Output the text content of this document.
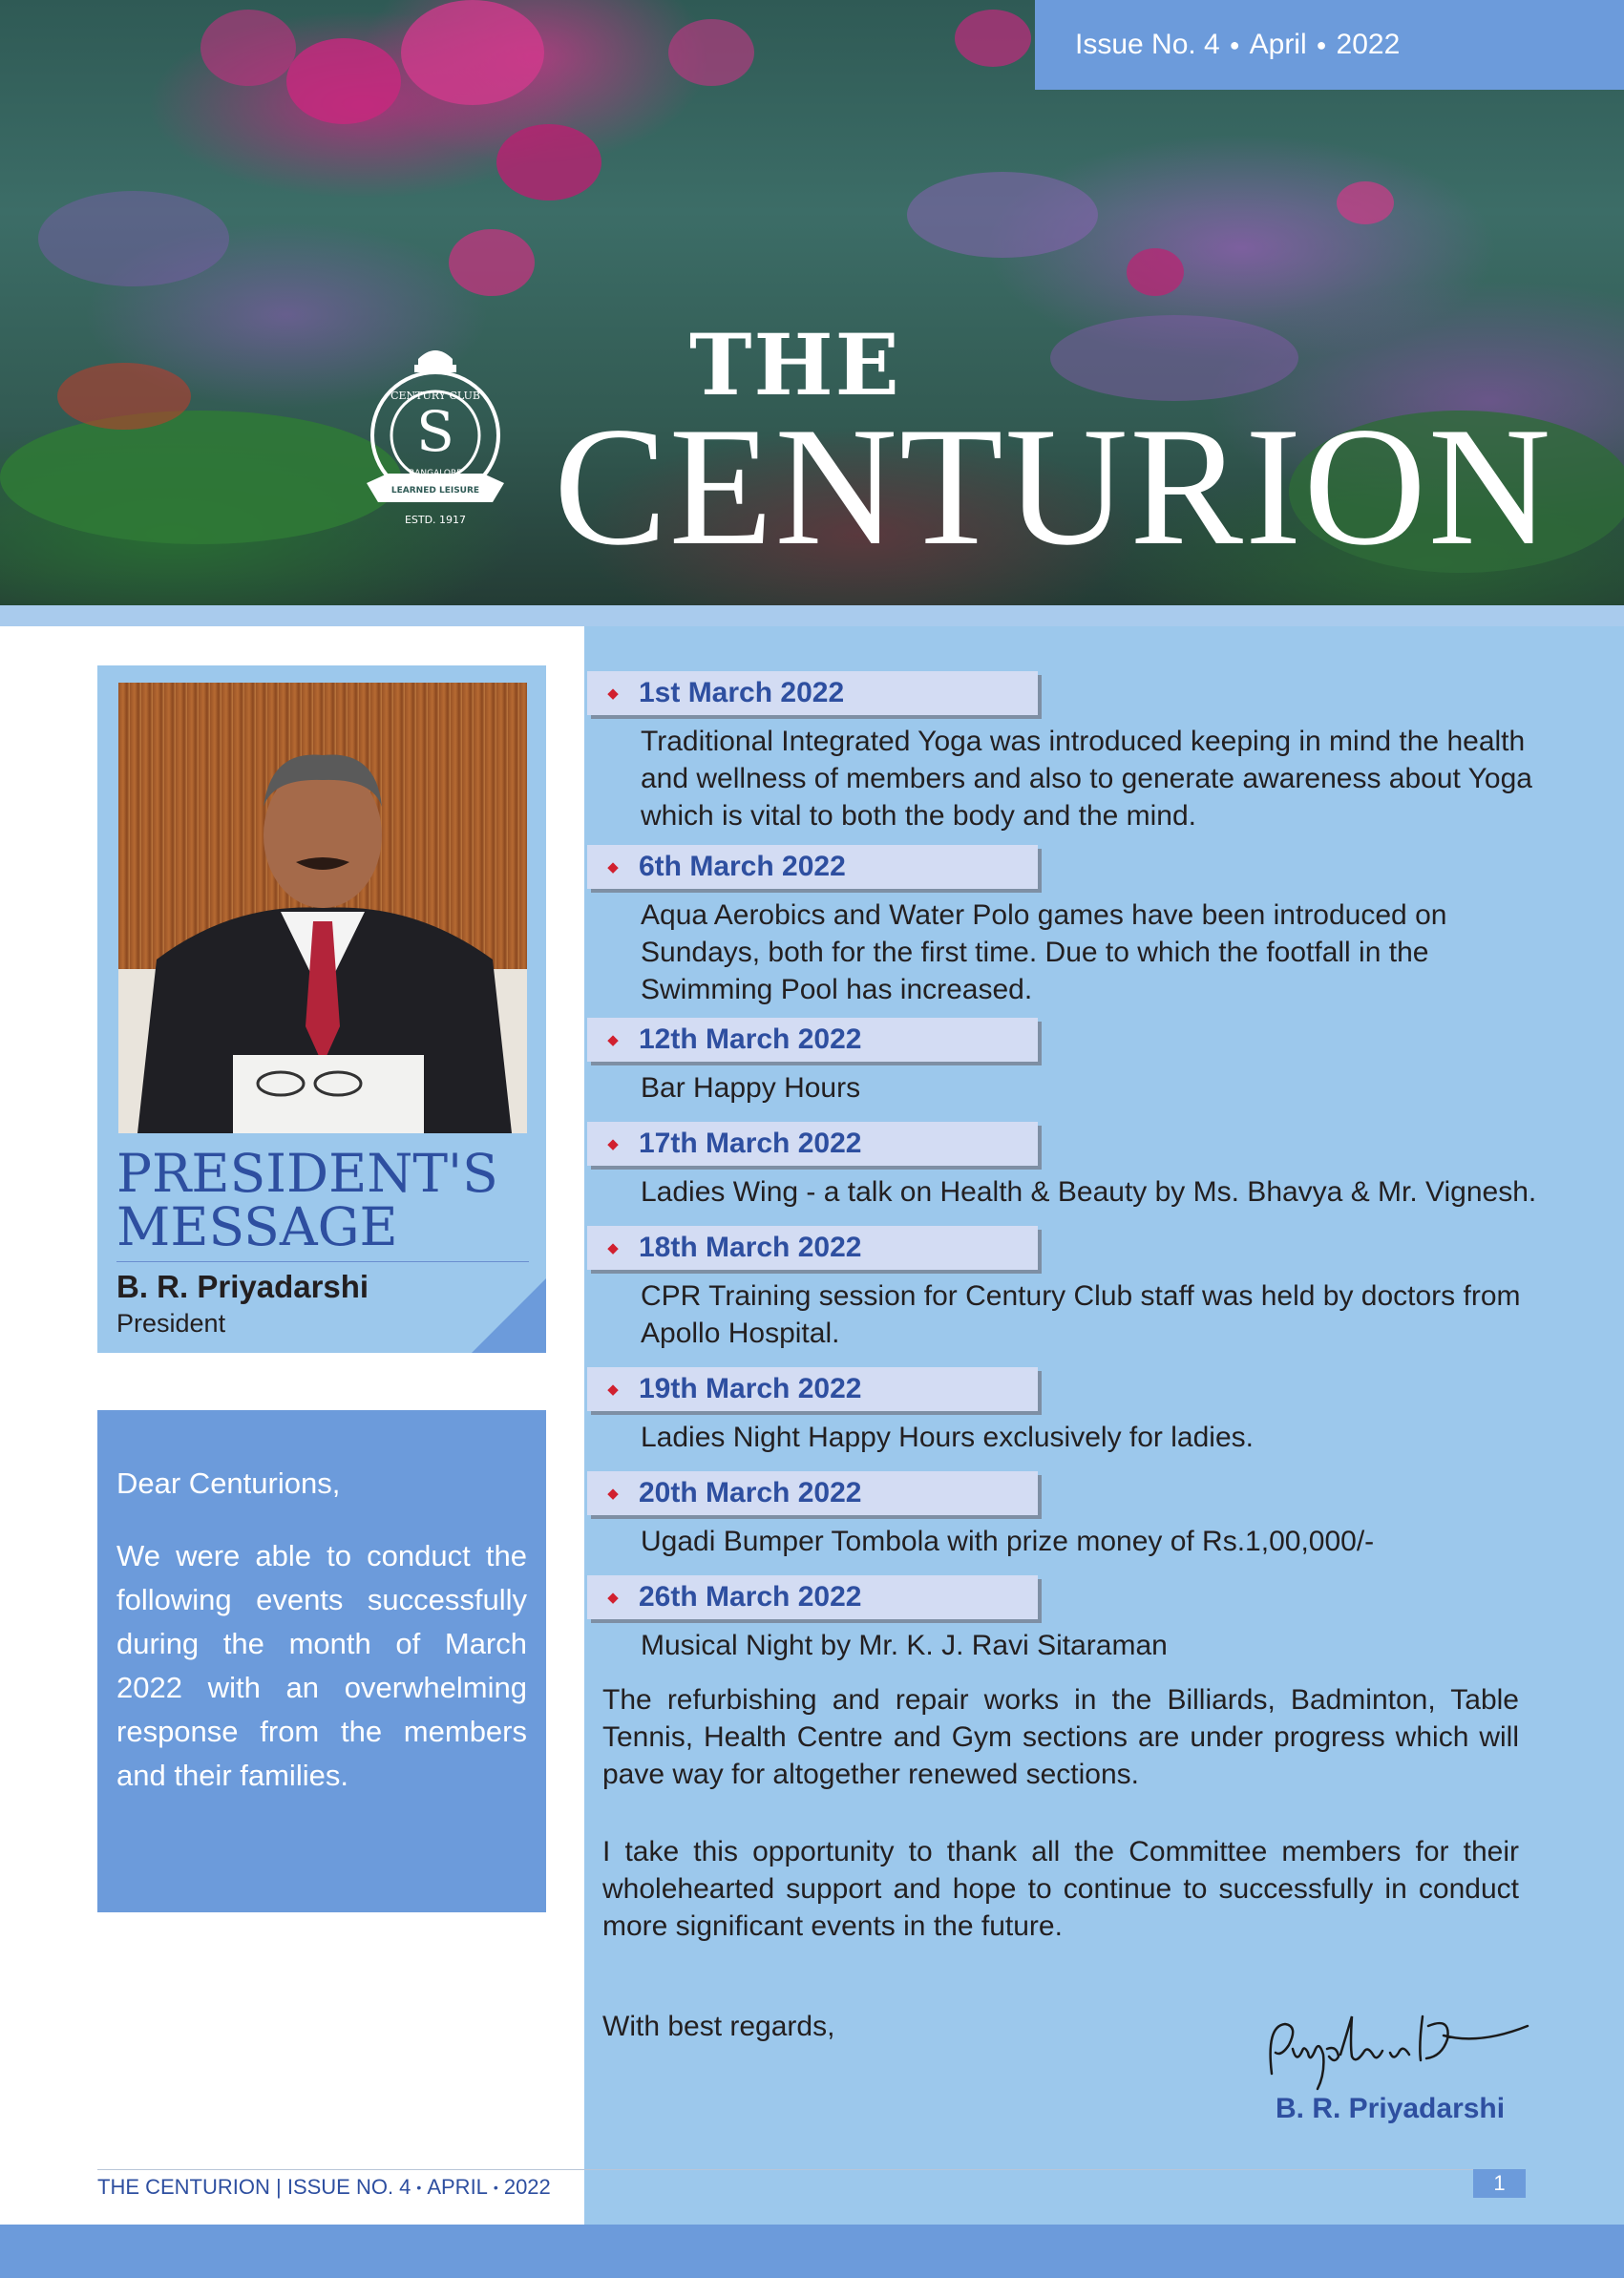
Issue No. 4 ● April ● 2022
CENTURY CLUB
S
LEARNED LEISURE
ESTD. 1917
THE
CENTURION
PRESIDENT'S
MESSAGE
B. R. Priyadarshi
President
Dear Centurions,
We were able to conduct the following events successfully during the month of March 2022 with an overwhelming response from the members and their families.
◆ 1st March 2022
Traditional Integrated Yoga was introduced keeping in mind the health and wellness of members and also to generate awareness about Yoga which is vital to both the body and the mind.
◆ 6th March 2022
Aqua Aerobics and Water Polo games have been introduced on Sundays, both for the first time. Due to which the footfall in the Swimming Pool has increased.
◆ 12th March 2022
Bar Happy Hours
◆ 17th March 2022
Ladies Wing - a talk on Health & Beauty by Ms. Bhavya & Mr. Vignesh.
◆ 18th March 2022
CPR Training session for Century Club staff was held by doctors from Apollo Hospital.
◆ 19th March 2022
Ladies Night Happy Hours exclusively for ladies.
◆ 20th March 2022
Ugadi Bumper Tombola with prize money of Rs.1,00,000/-
◆ 26th March 2022
Musical Night by Mr. K. J. Ravi Sitaraman
The refurbishing and repair works in the Billiards, Badminton, Table Tennis, Health Centre and Gym sections are under progress which will pave way for altogether renewed sections.
I take this opportunity to thank all the Committee members for their wholehearted support and hope to continue to successfully in conduct more significant events in the future.
With best regards,
B. R. Priyadarshi
THE CENTURION | ISSUE NO. 4 • APRIL • 2022	1
